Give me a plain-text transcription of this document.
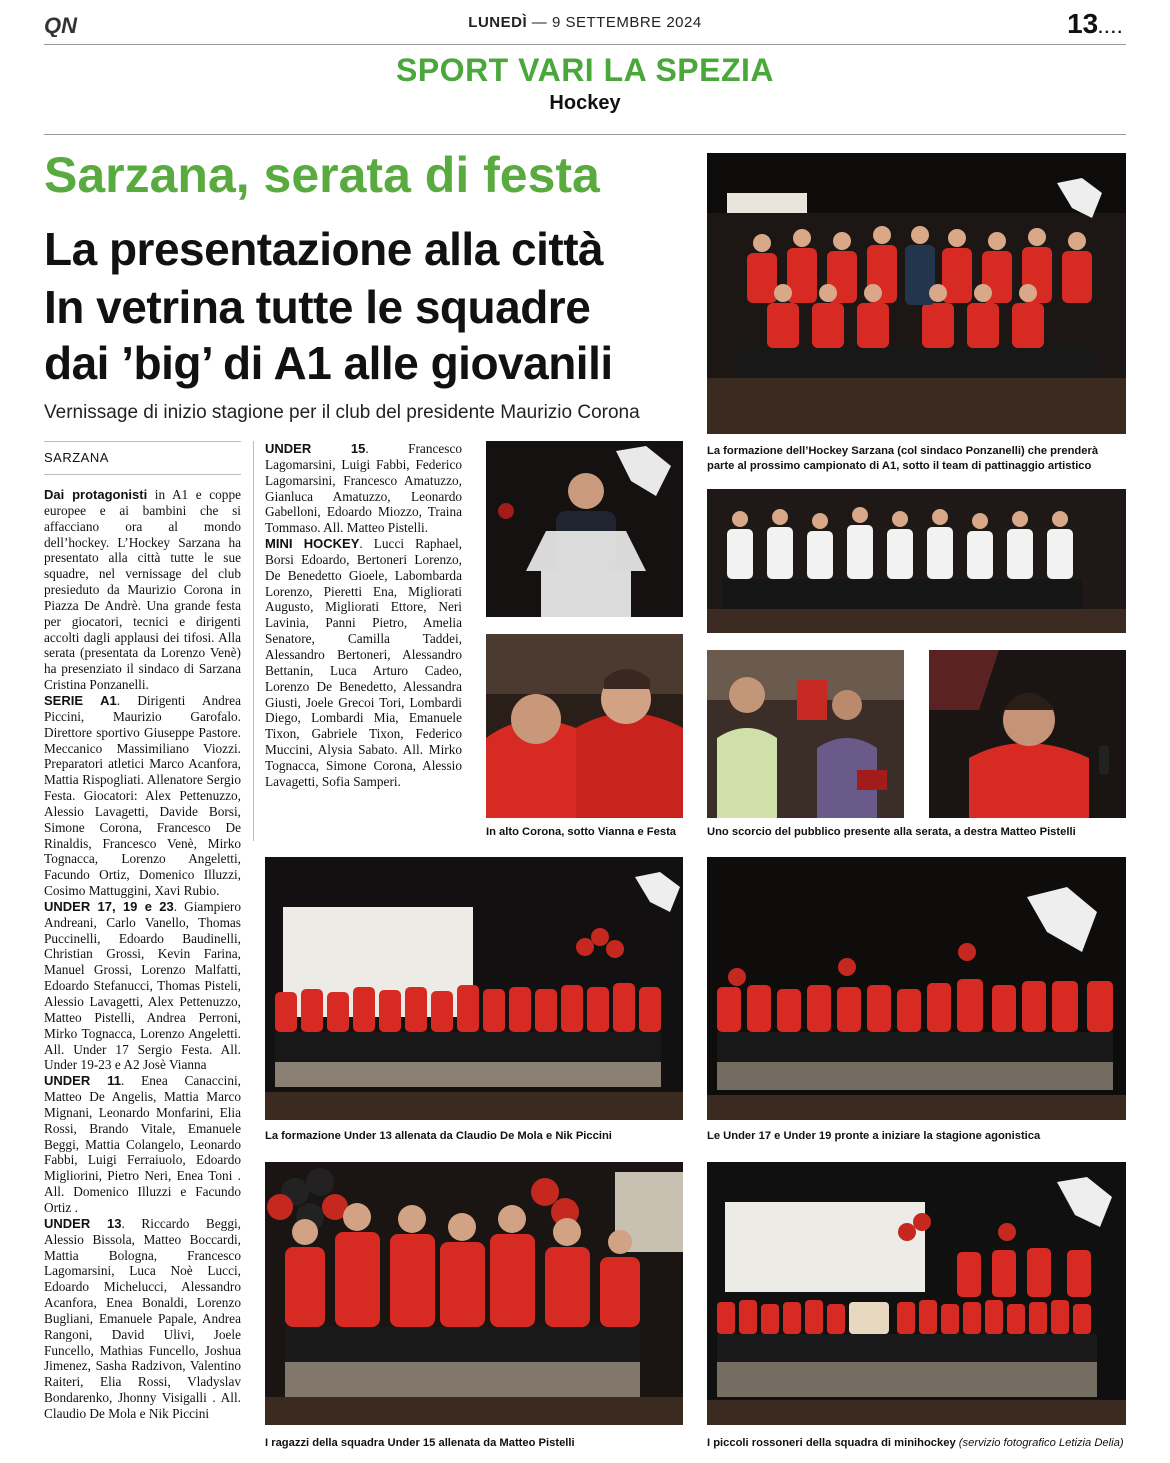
QN	LUNEDÌ — 9 SETTEMBRE 2024	13....
SPORT VARI LA SPEZIA
Hockey
Sarzana, serata di festa
La presentazione alla città
In vetrina tutte le squadre
dai ’big’ di A1 alle giovanili
Vernissage di inizio stagione per il club del presidente Maurizio Corona
SARZANA

Dai protagonisti in A1 e coppe europee e ai bambini che si affacciano ora al mondo dell’hockey. L’Hockey Sarzana ha presentato alla città tutte le sue squadre, nel vernissage del club presieduto da Maurizio Corona in Piazza De Andrè. Una grande festa per giocatori, tecnici e dirigenti accolti dagli applausi dei tifosi. Alla serata (presentata da Lorenzo Venè) ha presenziato il sindaco di Sarzana Cristina Ponzanelli.

SERIE A1. Dirigenti Andrea Piccini, Maurizio Garofalo. Direttore sportivo Giuseppe Pastore. Meccanico Massimiliano Viozzi. Preparatori atletici Marco Acanfora, Mattia Rispogliati. Allenatore Sergio Festa. Giocatori: Alex Pettenuzzo, Alessio Lavagetti, Davide Borsi, Simone Corona, Francesco De Rinaldis, Francesco Venè, Mirko Tognacca, Lorenzo Angeletti, Facundo Ortiz, Domenico Illuzzi, Cosimo Mattuggini, Xavi Rubio.

UNDER 17, 19 e 23. Giampiero Andreani, Carlo Vanello, Thomas Puccinelli, Edoardo Baudinelli, Christian Grossi, Kevin Farina, Manuel Grossi, Lorenzo Malfatti, Edoardo Stefanucci, Thomas Pisteli, Alessio Lavagetti, Alex Pettenuzzo, Matteo Pistelli, Andrea Perroni, Mirko Tognacca, Lorenzo Angeletti. All. Under 17 Sergio Festa. All. Under 19-23 e A2 Josè Vianna

UNDER 11. Enea Canaccini, Matteo De Angelis, Mattia Marco Mignani, Leonardo Monfarini, Elia Rossi, Brando Vitale, Emanuele Beggi, Mattia Colangelo, Leonardo Fabbi, Luigi Ferraiuolo, Edoardo Migliorini, Pietro Neri, Enea Toni . All. Domenico Illuzzi e Facundo Ortiz .

UNDER 13. Riccardo Beggi, Alessio Bissola, Matteo Boccardi, Mattia Bologna, Francesco Lagomarsini, Luca Noè Lucci, Edoardo Michelucci, Alessandro Acanfora, Enea Bonaldi, Lorenzo Bugliani, Emanuele Papale, Andrea Rangoni, David Ulivi, Joele Funcello, Mathias Funcello, Joshua Jimenez, Sasha Radzivon, Valentino Raiteri, Elia Rossi, Vladyslav Bondarenko, Jhonny Visigalli . All. Claudio De Mola e Nik Piccini

UNDER 15. Francesco Lagomarsini, Luigi Fabbi, Federico Lagomarsini, Francesco Amatuzzo, Gianluca Amatuzzo, Leonardo Gabelloni, Edoardo Miozzo, Traina Tommaso. All. Matteo Pistelli.

MINI HOCKEY. Lucci Raphael, Borsi Edoardo, Bertoneri Lorenzo, De Benedetto Gioele, Labombarda Lorenzo, Pieretti Ena, Migliorati Augusto, Migliorati Ettore, Neri Lavinia, Panni Pietro, Amelia Senatore, Camilla Taddei, Alessandro Bertoneri, Alessandro Bettanin, Luca Arturo Cadeo, Lorenzo De Benedetto, Alessandra Giusti, Joele Grecoi Tori, Lombardi Diego, Lombardi Mia, Emanuele Tixon, Gabriele Tixon, Federico Muccini, Alysia Sabato. All. Mirko Tognacca, Simone Corona, Alessio Lavagetti, Sofia Samperi.

La formazione dell’Hockey Sarzana (col sindaco Ponzanelli) che prenderà parte al prossimo campionato di A1, sotto il team di pattinaggio artistico
In alto Corona, sotto Vianna e Festa	Uno scorcio del pubblico presente alla serata, a destra Matteo Pistelli
La formazione Under 13 allenata da Claudio De Mola e Nik Piccini	Le Under 17 e Under 19 pronte a iniziare la stagione agonistica
I ragazzi della squadra Under 15 allenata da Matteo Pistelli	I piccoli rossoneri della squadra di minihockey (servizio fotografico Letizia Delia)
